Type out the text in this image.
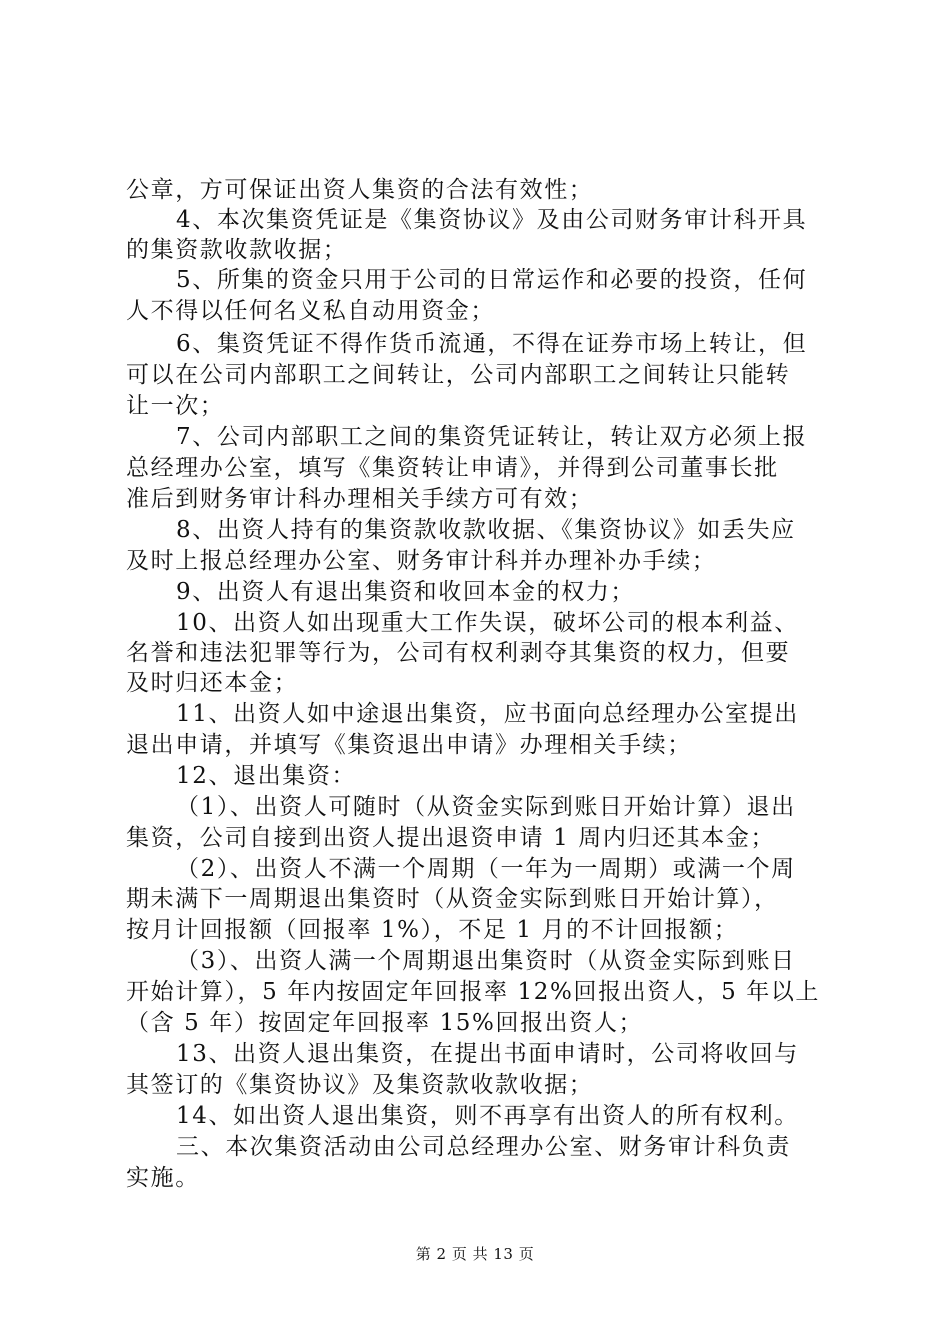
公章，方可保证出资人集资的合法有效性；
4、本次集资凭证是《集资协议》及由公司财务审计科开具
的集资款收款收据；
5、所集的资金只用于公司的日常运作和必要的投资，任何
人不得以任何名义私自动用资金；
6、集资凭证不得作货币流通，不得在证券市场上转让，但
可以在公司内部职工之间转让，公司内部职工之间转让只能转
让一次；
7、公司内部职工之间的集资凭证转让，转让双方必须上报
总经理办公室，填写《集资转让申请》，并得到公司董事长批
准后到财务审计科办理相关手续方可有效；
8、出资人持有的集资款收款收据、《集资协议》如丢失应
及时上报总经理办公室、财务审计科并办理补办手续；
9、出资人有退出集资和收回本金的权力；
10、出资人如出现重大工作失误，破坏公司的根本利益、
名誉和违法犯罪等行为，公司有权利剥夺其集资的权力，但要
及时归还本金；
11、出资人如中途退出集资，应书面向总经理办公室提出
退出申请，并填写《集资退出申请》办理相关手续；
12、退出集资：
（1）、出资人可随时（从资金实际到账日开始计算）退出
集资，公司自接到出资人提出退资申请 1 周内归还其本金；
（2）、出资人不满一个周期（一年为一周期）或满一个周
期未满下一周期退出集资时（从资金实际到账日开始计算），
按月计回报额（回报率 1%），不足 1 月的不计回报额；
（3）、出资人满一个周期退出集资时（从资金实际到账日
开始计算），5 年内按固定年回报率 12%回报出资人，5 年以上
（含 5 年）按固定年回报率 15%回报出资人；
13、出资人退出集资，在提出书面申请时，公司将收回与
其签订的《集资协议》及集资款收款收据；
14、如出资人退出集资，则不再享有出资人的所有权利。
三、本次集资活动由公司总经理办公室、财务审计科负责
实施。
第 2 页 共 13 页
